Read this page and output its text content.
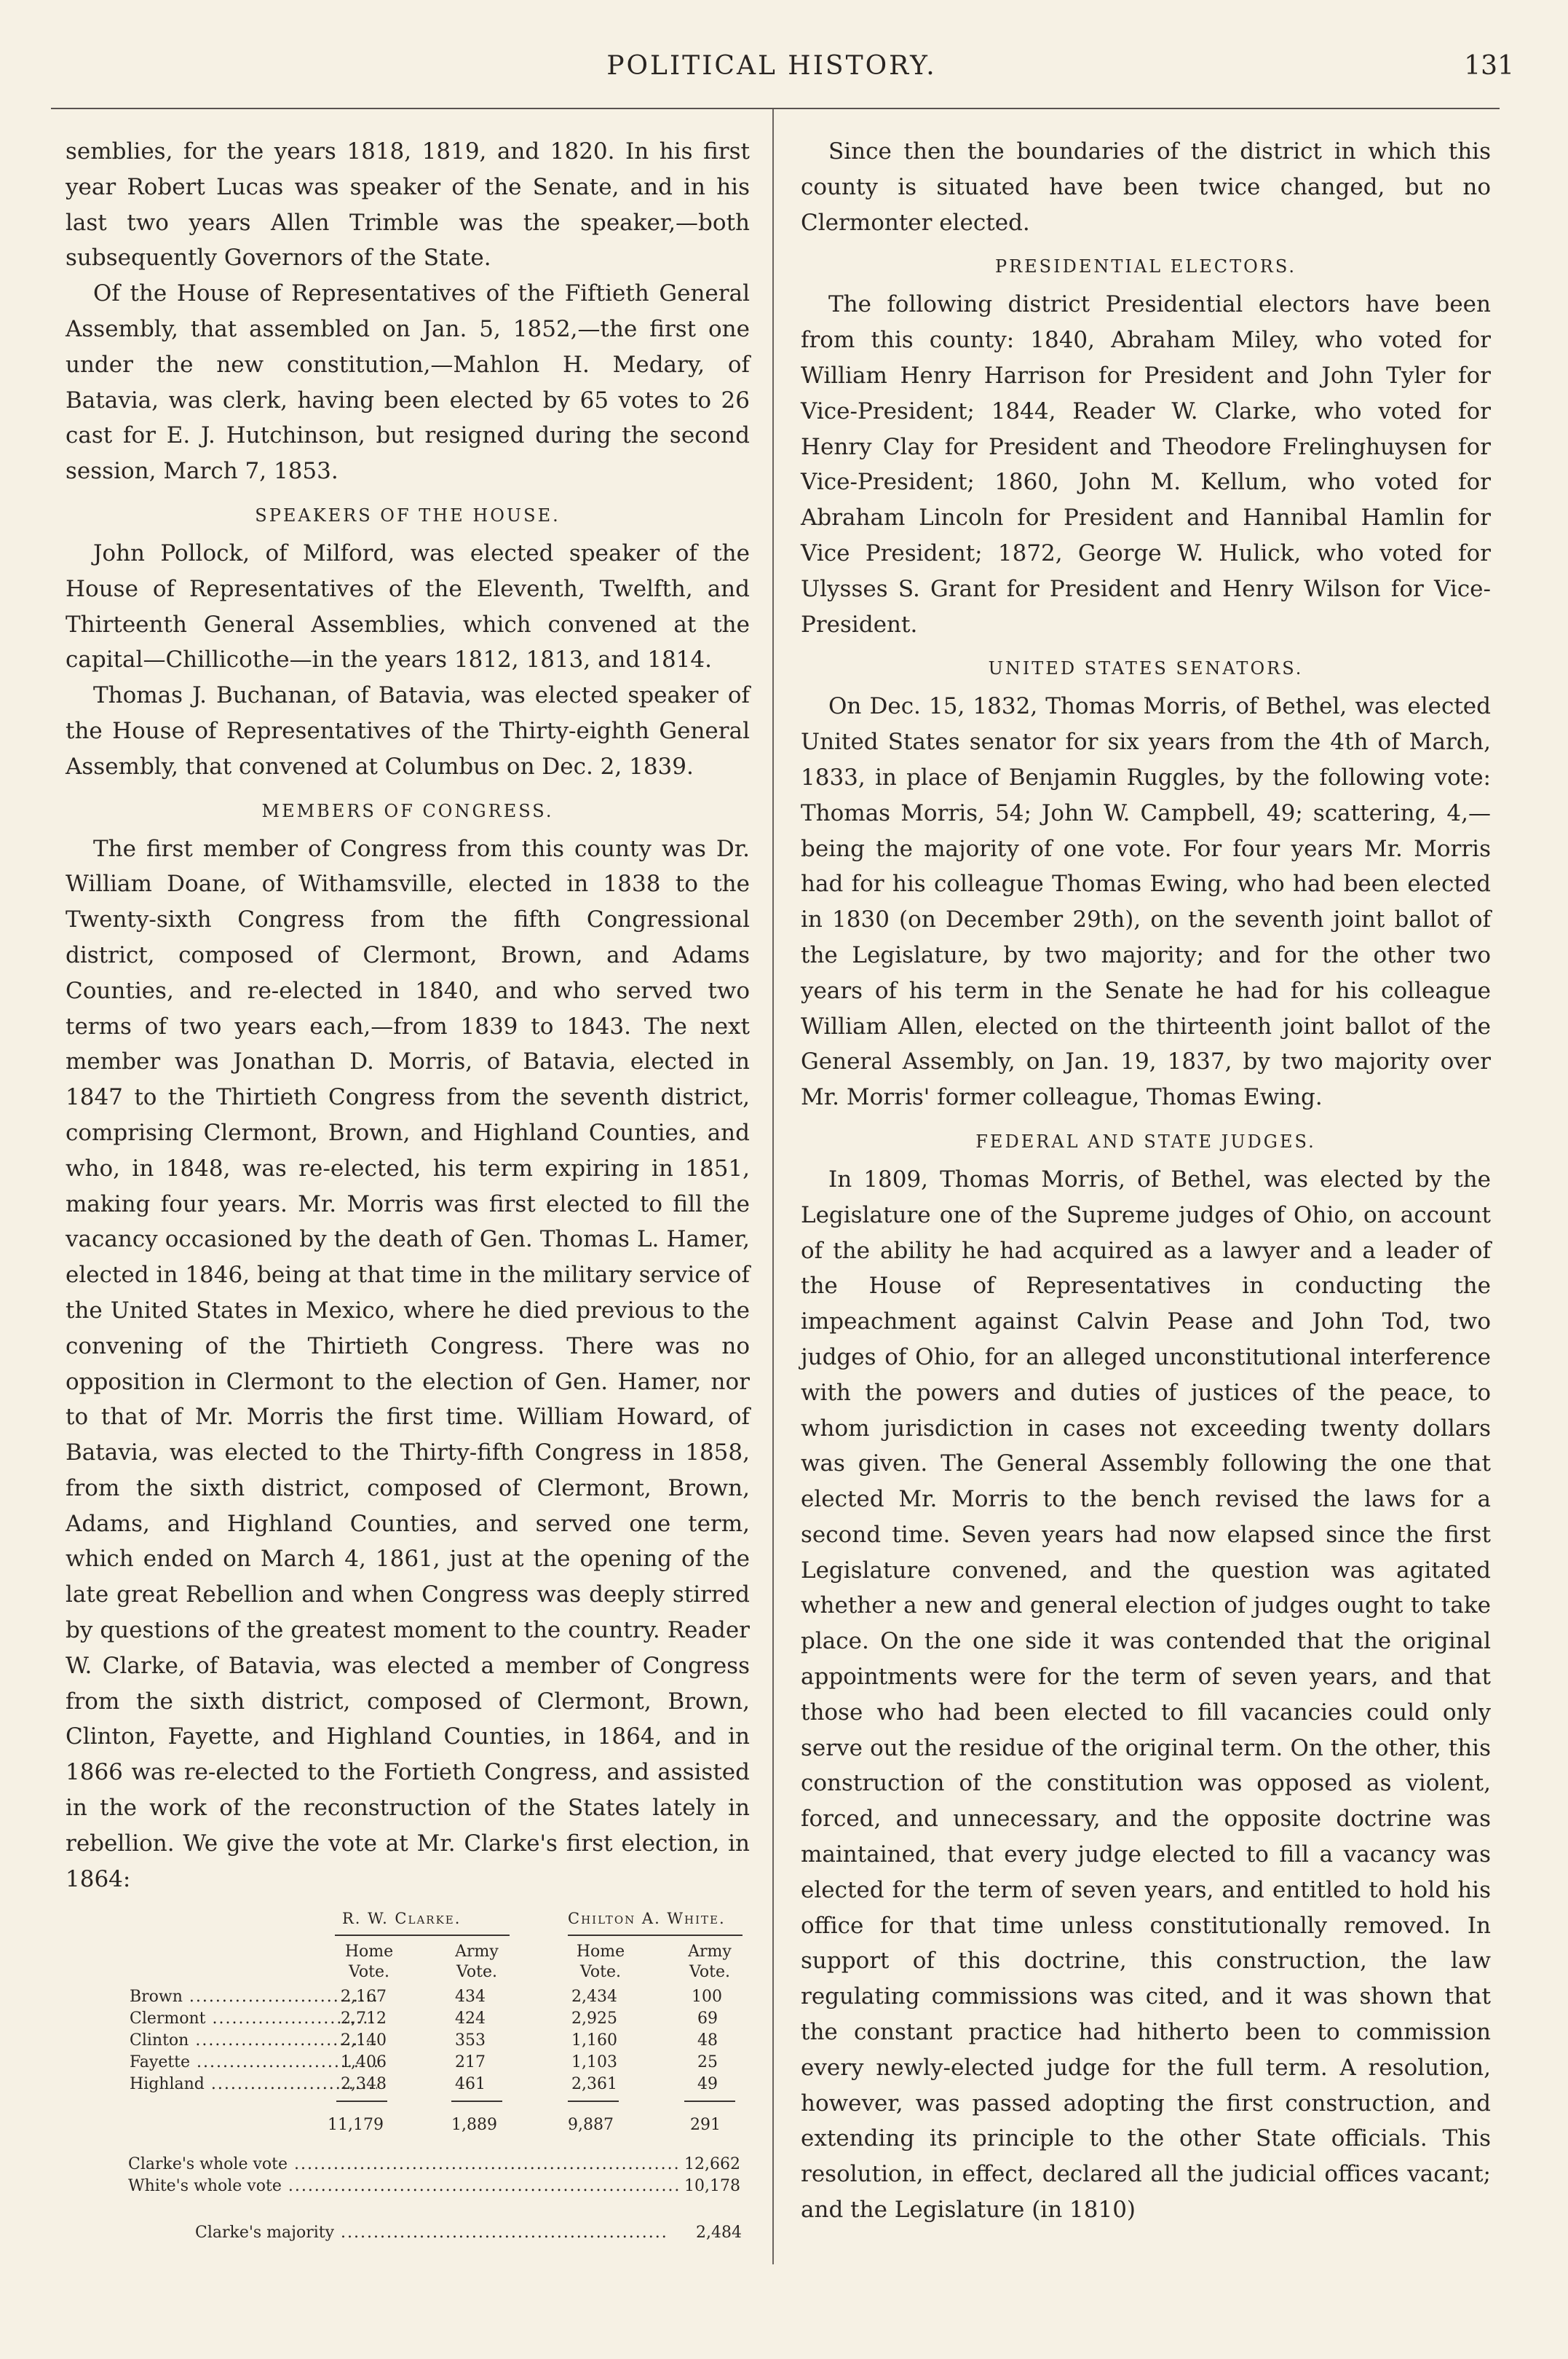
POLITICAL HISTORY.	131

semblies, for the years 1818, 1819, and 1820. In his first year Robert Lucas was speaker of the Senate, and in his last two years Allen Trimble was the speaker,—both subsequently Governors of the State.

Of the House of Representatives of the Fiftieth General Assembly, that assembled on Jan. 5, 1852,—the first one under the new constitution,—Mahlon H. Medary, of Batavia, was clerk, having been elected by 65 votes to 26 cast for E. J. Hutchinson, but resigned during the second session, March 7, 1853.

SPEAKERS OF THE HOUSE.

John Pollock, of Milford, was elected speaker of the House of Representatives of the Eleventh, Twelfth, and Thirteenth General Assemblies, which convened at the capital—Chillicothe—in the years 1812, 1813, and 1814.

Thomas J. Buchanan, of Batavia, was elected speaker of the House of Representatives of the Thirty-eighth General Assembly, that convened at Columbus on Dec. 2, 1839.

MEMBERS OF CONGRESS.

The first member of Congress from this county was Dr. William Doane, of Withamsville, elected in 1838 to the Twenty-sixth Congress from the fifth Congressional district, composed of Clermont, Brown, and Adams Counties, and re-elected in 1840, and who served two terms of two years each,—from 1839 to 1843. The next member was Jonathan D. Morris, of Batavia, elected in 1847 to the Thirtieth Congress from the seventh district, comprising Clermont, Brown, and Highland Counties, and who, in 1848, was re-elected, his term expiring in 1851, making four years. Mr. Morris was first elected to fill the vacancy occasioned by the death of Gen. Thomas L. Hamer, elected in 1846, being at that time in the military service of the United States in Mexico, where he died previous to the convening of the Thirtieth Congress. There was no opposition in Clermont to the election of Gen. Hamer, nor to that of Mr. Morris the first time. William Howard, of Batavia, was elected to the Thirty-fifth Congress in 1858, from the sixth district, composed of Clermont, Brown, Adams, and Highland Counties, and served one term, which ended on March 4, 1861, just at the opening of the late great Rebellion and when Congress was deeply stirred by questions of the greatest moment to the country. Reader W. Clarke, of Batavia, was elected a member of Congress from the sixth district, composed of Clermont, Brown, Clinton, Fayette, and Highland Counties, in 1864, and in 1866 was re-elected to the Fortieth Congress, and assisted in the work of the reconstruction of the States lately in rebellion. We give the vote at Mr. Clarke's first election, in 1864:

R. W. Clarke.	Chilton A. White.
Home Vote.
Army Vote.
Home Vote.
Army Vote.
Brown .....	2,167	434	2,434	100
Clermont .....	2,712	424	2,925	69
Clinton .....	2,140	353	1,160	48
Fayette .....	1,406	217	1,103	25
Highland .....	2,348	461	2,361	49
11,179	1,889	9,887	291
Clarke's whole vote .....	12,662
White's whole vote .....	10,178
Clarke's majority .....	2,484

Since then the boundaries of the district in which this county is situated have been twice changed, but no Clermonter elected.

PRESIDENTIAL ELECTORS.

The following district Presidential electors have been from this county: 1840, Abraham Miley, who voted for William Henry Harrison for President and John Tyler for Vice-President; 1844, Reader W. Clarke, who voted for Henry Clay for President and Theodore Frelinghuysen for Vice-President; 1860, John M. Kellum, who voted for Abraham Lincoln for President and Hannibal Hamlin for Vice President; 1872, George W. Hulick, who voted for Ulysses S. Grant for President and Henry Wilson for Vice-President.

UNITED STATES SENATORS.

On Dec. 15, 1832, Thomas Morris, of Bethel, was elected United States senator for six years from the 4th of March, 1833, in place of Benjamin Ruggles, by the following vote: Thomas Morris, 54; John W. Campbell, 49; scattering, 4,—being the majority of one vote. For four years Mr. Morris had for his colleague Thomas Ewing, who had been elected in 1830 (on December 29th), on the seventh joint ballot of the Legislature, by two majority; and for the other two years of his term in the Senate he had for his colleague William Allen, elected on the thirteenth joint ballot of the General Assembly, on Jan. 19, 1837, by two majority over Mr. Morris' former colleague, Thomas Ewing.

FEDERAL AND STATE JUDGES.

In 1809, Thomas Morris, of Bethel, was elected by the Legislature one of the Supreme judges of Ohio, on account of the ability he had acquired as a lawyer and a leader of the House of Representatives in conducting the impeachment against Calvin Pease and John Tod, two judges of Ohio, for an alleged unconstitutional interference with the powers and duties of justices of the peace, to whom jurisdiction in cases not exceeding twenty dollars was given. The General Assembly following the one that elected Mr. Morris to the bench revised the laws for a second time. Seven years had now elapsed since the first Legislature convened, and the question was agitated whether a new and general election of judges ought to take place. On the one side it was contended that the original appointments were for the term of seven years, and that those who had been elected to fill vacancies could only serve out the residue of the original term. On the other, this construction of the constitution was opposed as violent, forced, and unnecessary, and the opposite doctrine was maintained, that every judge elected to fill a vacancy was elected for the term of seven years, and entitled to hold his office for that time unless constitutionally removed. In support of this doctrine, this construction, the law regulating commissions was cited, and it was shown that the constant practice had hitherto been to commission every newly-elected judge for the full term. A resolution, however, was passed adopting the first construction, and extending its principle to the other State officials. This resolution, in effect, declared all the judicial offices vacant; and the Legislature (in 1810)
